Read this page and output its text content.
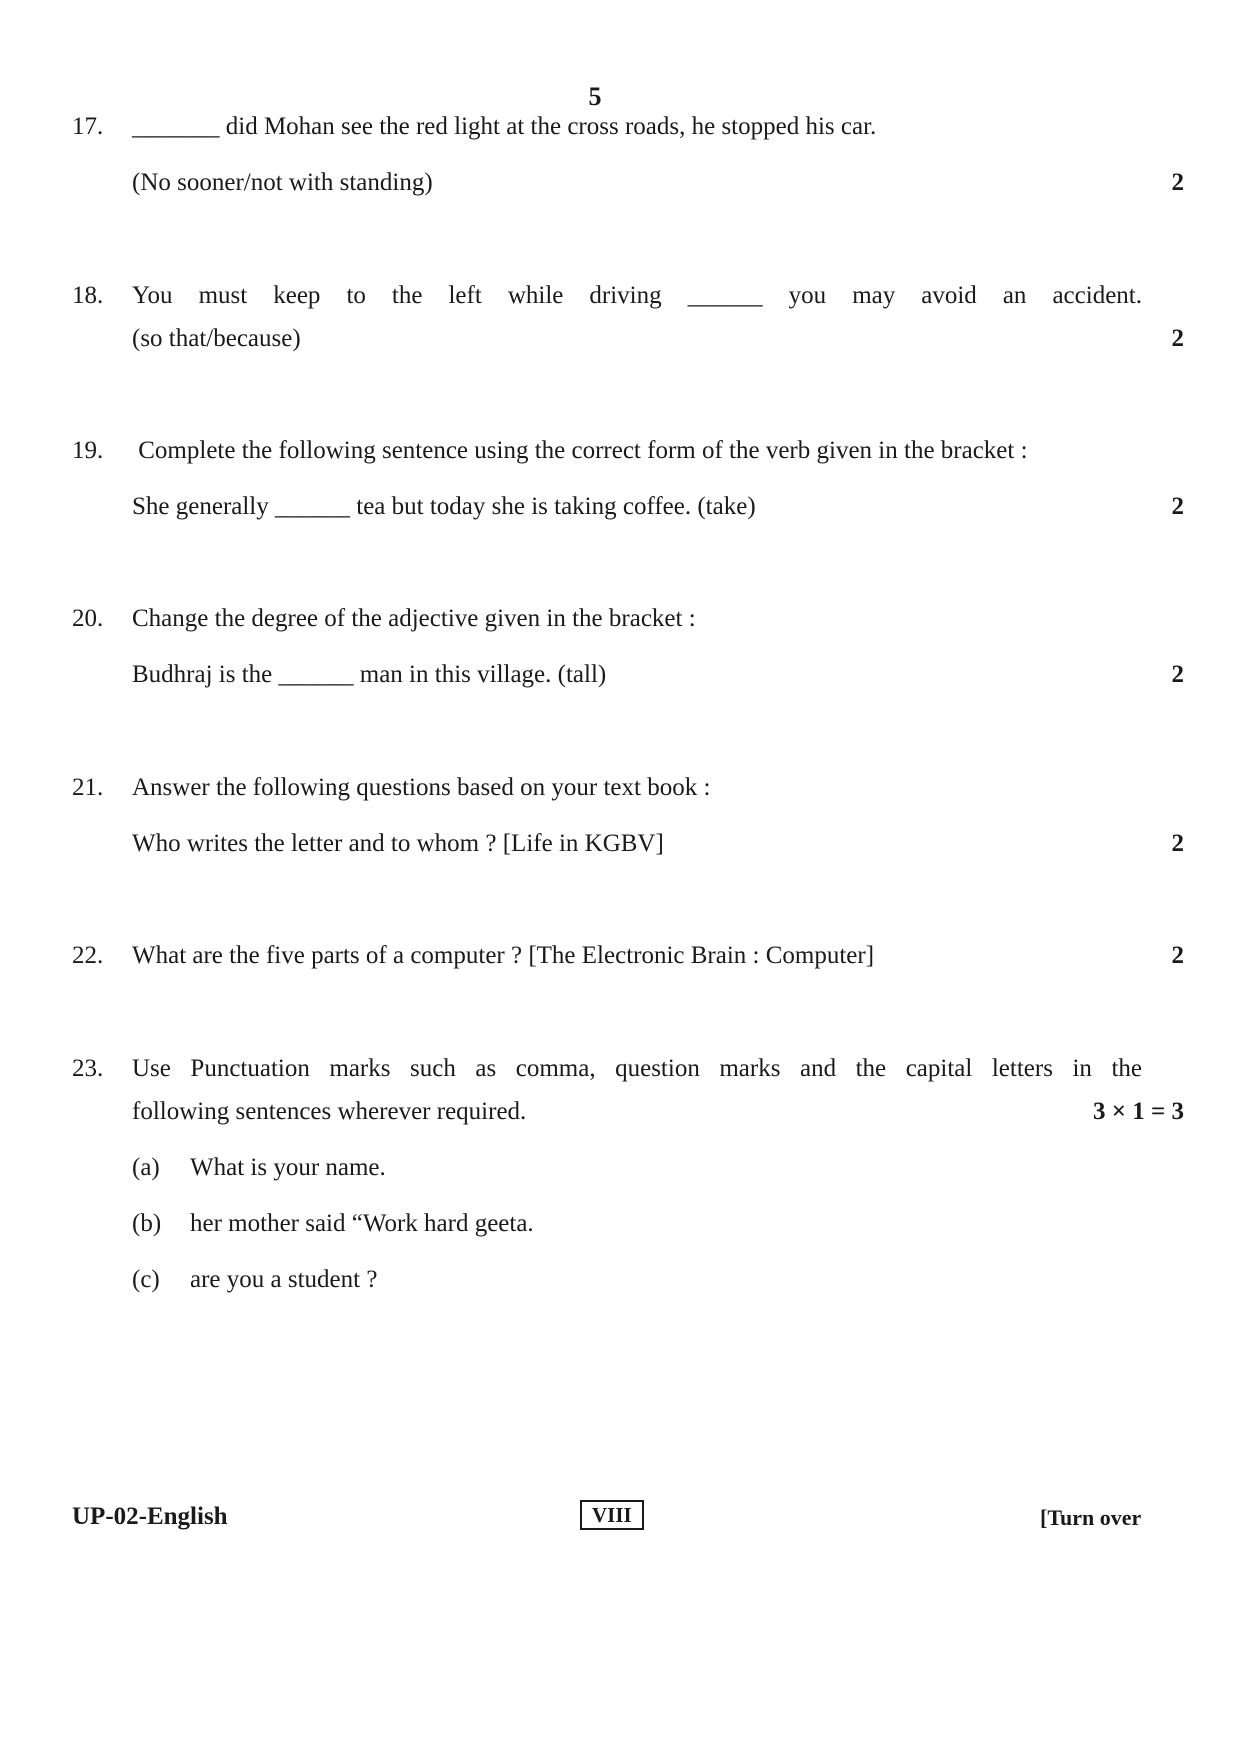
5
17.	_______ did Mohan see the red light at the cross roads, he stopped his car.
(No sooner/not with standing)	2
18.	You must keep to the left while driving ______ you may avoid an accident.
(so that/because)	2
19.	Complete the following sentence using the correct form of the verb given in the bracket :
She generally ______ tea but today she is taking coffee. (take)	2
20.	Change the degree of the adjective given in the bracket :
Budhraj is the ______ man in this village. (tall)	2
21.	Answer the following questions based on your text book :
Who writes the letter and to whom ? [Life in KGBV]	2
22.	What are the five parts of a computer ? [The Electronic Brain : Computer]	2
23.	Use Punctuation marks such as comma, question marks and the capital letters in the
following sentences wherever required.	3 × 1 = 3
(a)	What is your name.
(b)	her mother said “Work hard geeta.
(c)	are you a student ?
UP-02-English	VIII	[Turn over
